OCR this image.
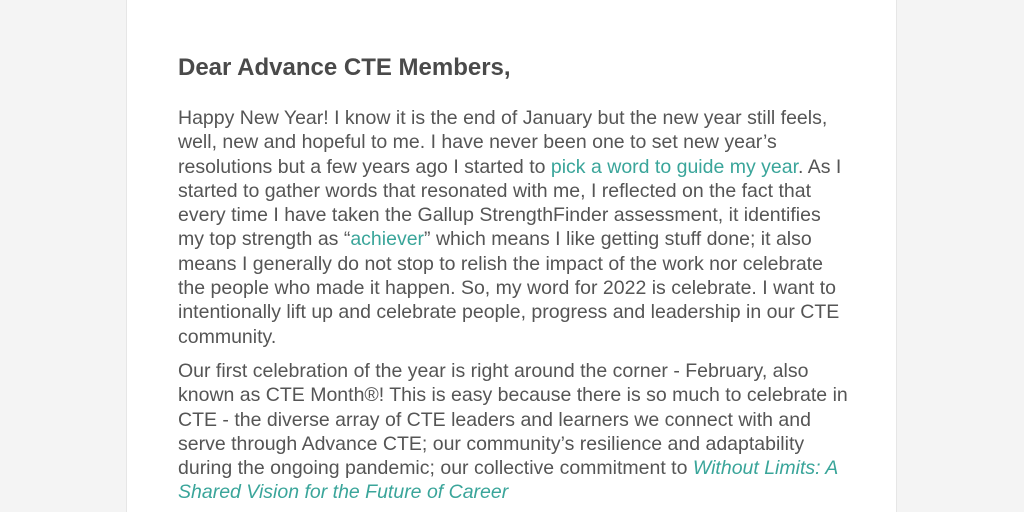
Dear Advance CTE Members,

Happy New Year! I know it is the end of January but the new year still feels, well, new and hopeful to me. I have never been one to set new year’s resolutions but a few years ago I started to pick a word to guide my year. As I started to gather words that resonated with me, I reflected on the fact that every time I have taken the Gallup StrengthFinder assessment, it identifies my top strength as “achiever” which means I like getting stuff done; it also means I generally do not stop to relish the impact of the work nor celebrate the people who made it happen. So, my word for 2022 is celebrate. I want to intentionally lift up and celebrate people, progress and leadership in our CTE community.

Our first celebration of the year is right around the corner - February, also known as CTE Month®! This is easy because there is so much to celebrate in CTE - the diverse array of CTE leaders and learners we connect with and serve through Advance CTE; our community’s resilience and adaptability during the ongoing pandemic; our collective commitment to Without Limits: A Shared Vision for the Future of Career
